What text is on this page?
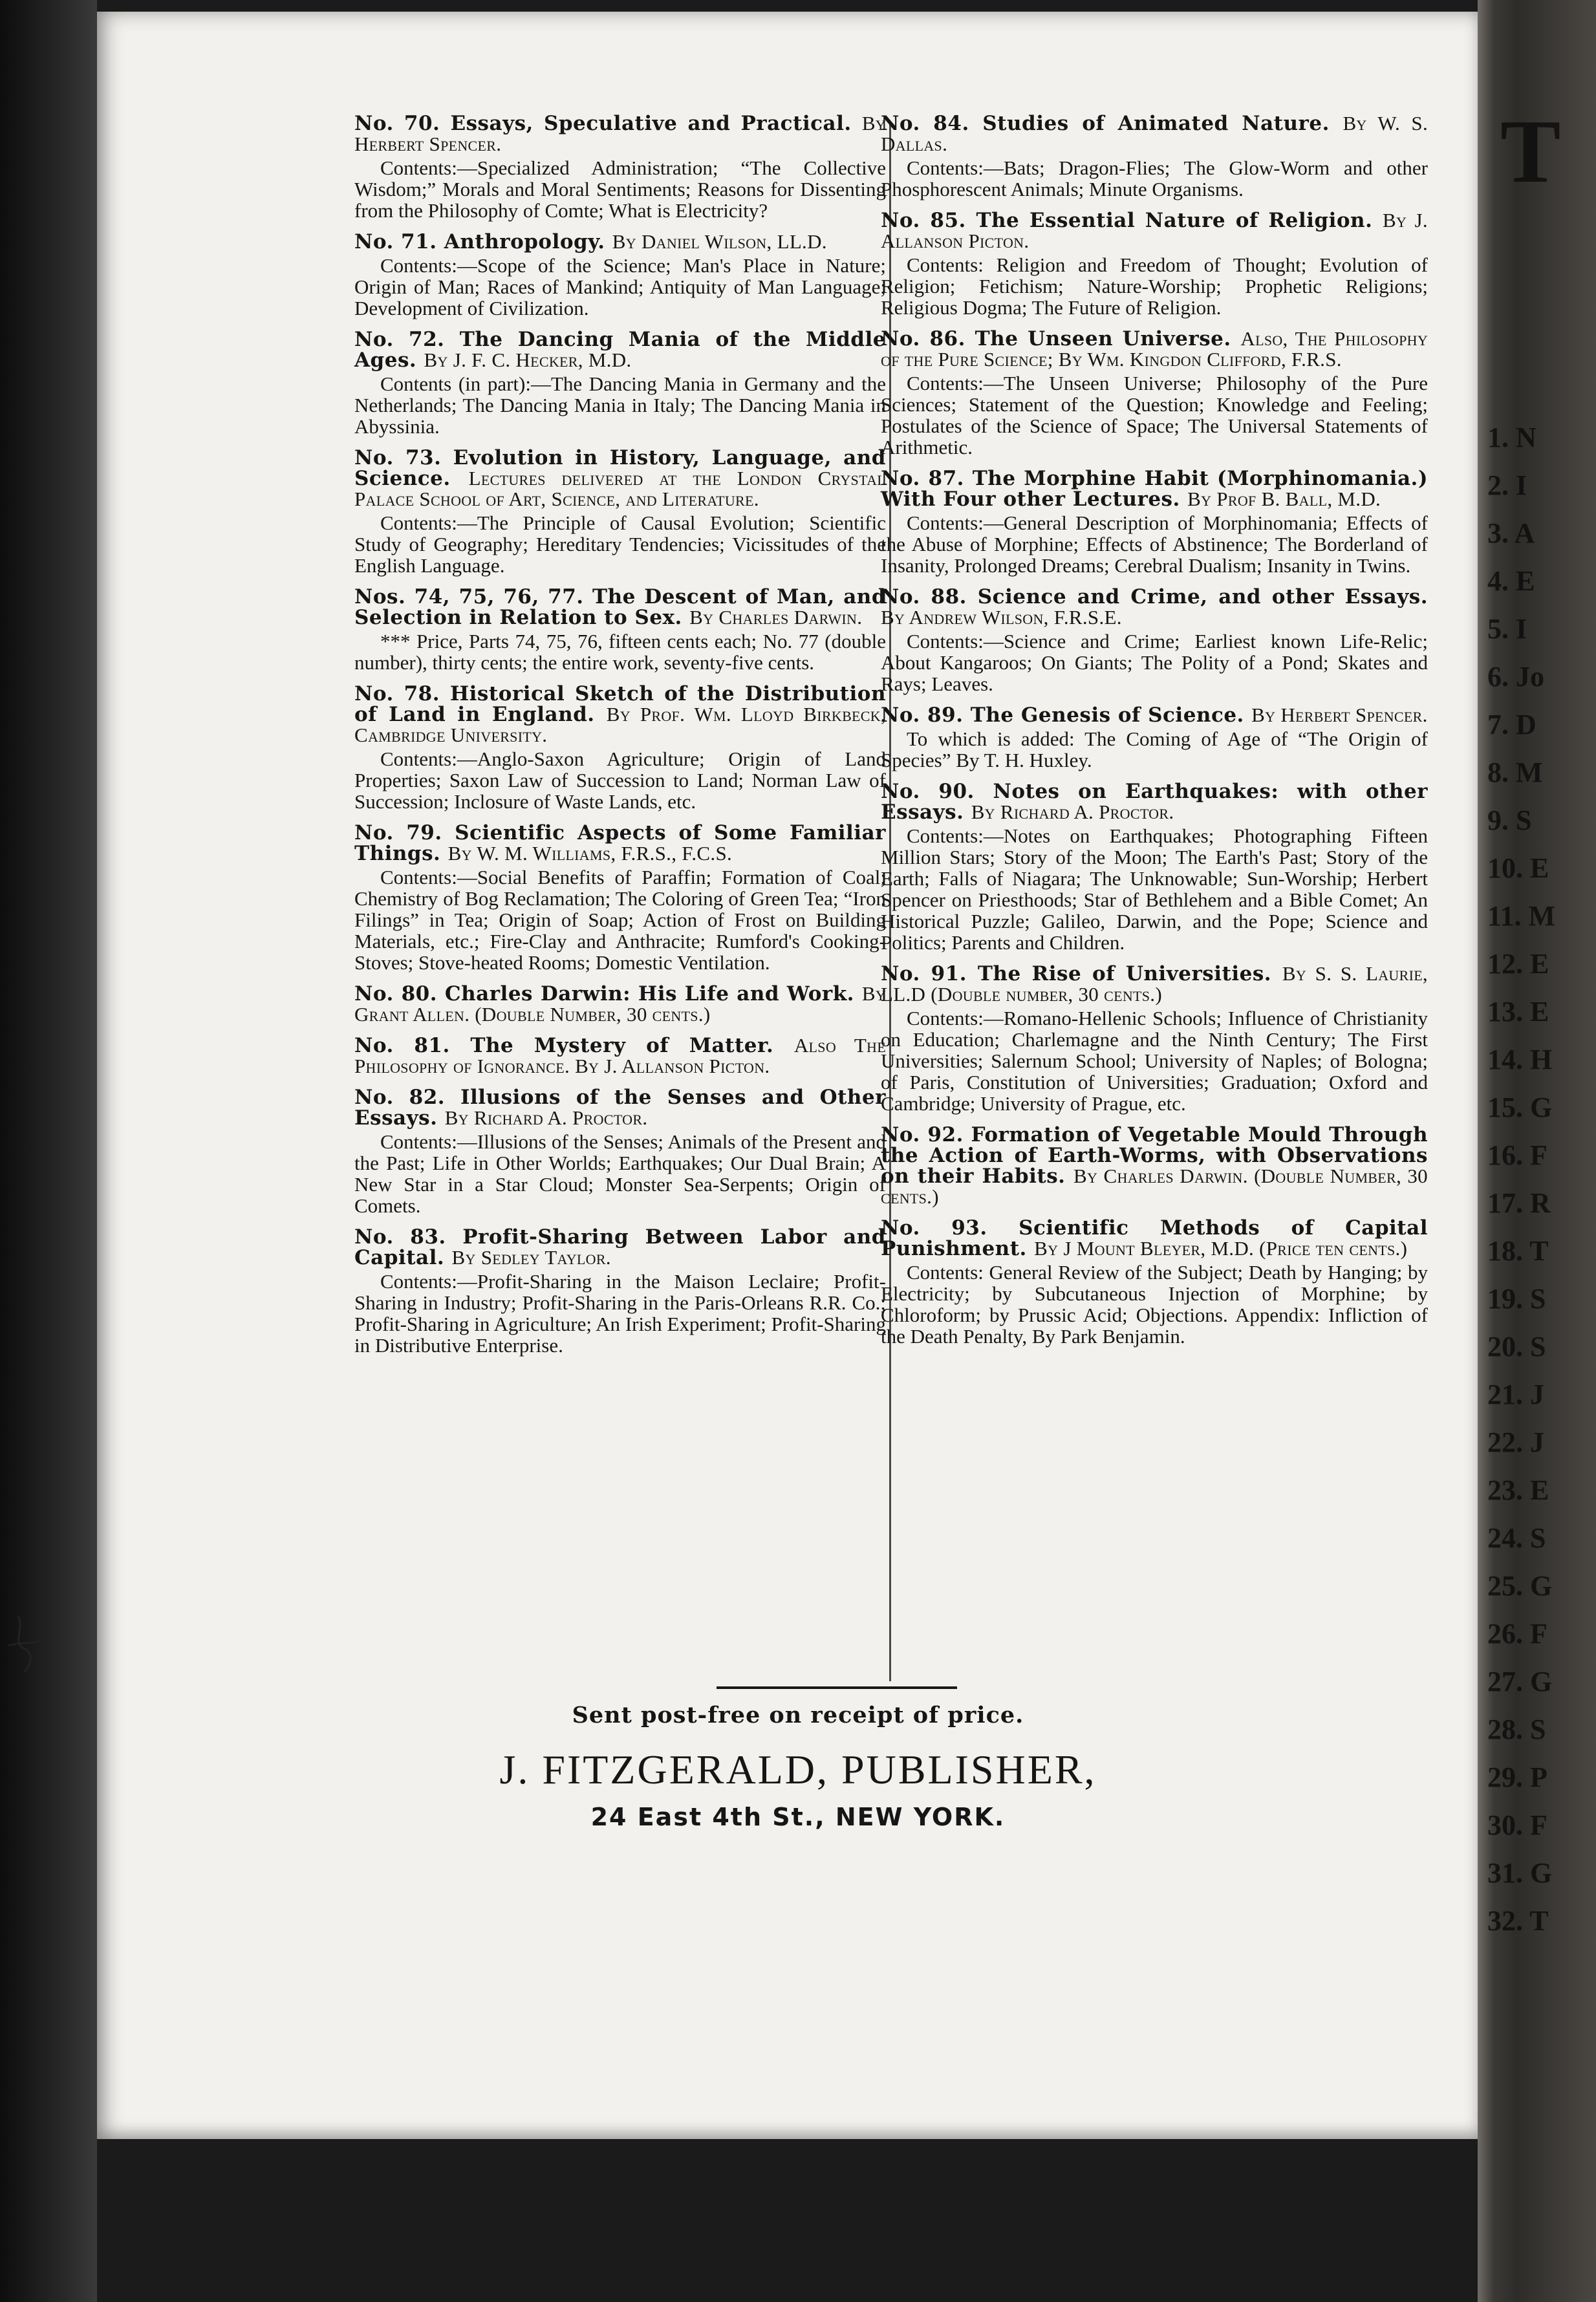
T
1. N
2. I
3. A
4. E
5. I
6. Jo
7. D
8. M
9. S
10. E
11. M
12. E
13. E
14. H
15. G
16. F
17. R
18. T
19. S
20. S
21. J
22. J
23. E
24. S
25. G
26. F
27. G
28. S
29. P
30. F
31. G
32. T
No. 70. Essays, Speculative and Practical. By Herbert Spencer.
Contents:—Specialized Administration; “The Collective Wisdom;” Morals and Moral Sentiments; Reasons for Dissenting from the Philosophy of Comte; What is Electricity?
No. 71. Anthropology. By Daniel Wilson, LL.D.
Contents:—Scope of the Science; Man's Place in Nature; Origin of Man; Races of Mankind; Antiquity of Man Language; Development of Civilization.
No. 72. The Dancing Mania of the Middle Ages. By J. F. C. Hecker, M.D.
Contents (in part):—The Dancing Mania in Germany and the Netherlands; The Dancing Mania in Italy; The Dancing Mania in Abyssinia.
No. 73. Evolution in History, Language, and Science. Lectures delivered at the London Crystal Palace School of Art, Science, and Literature.
Contents:—The Principle of Causal Evolution; Scientific Study of Geography; Hereditary Tendencies; Vicissitudes of the English Language.
Nos. 74, 75, 76, 77. The Descent of Man, and Selection in Relation to Sex. By Charles Darwin.
*** Price, Parts 74, 75, 76, fifteen cents each; No. 77 (double number), thirty cents; the entire work, seventy-five cents.
No. 78. Historical Sketch of the Distribution of Land in England. By Prof. Wm. Lloyd Birkbeck, Cambridge University.
Contents:—Anglo-Saxon Agriculture; Origin of Land Properties; Saxon Law of Succession to Land; Norman Law of Succession; Inclosure of Waste Lands, etc.
No. 79. Scientific Aspects of Some Familiar Things. By W. M. Williams, F.R.S., F.C.S.
Contents:—Social Benefits of Paraffin; Formation of Coal; Chemistry of Bog Reclamation; The Coloring of Green Tea; “Iron Filings” in Tea; Origin of Soap; Action of Frost on Building Materials, etc.; Fire-Clay and Anthracite; Rumford's Cooking-Stoves; Stove-heated Rooms; Domestic Ventilation.
No. 80. Charles Darwin: His Life and Work. By Grant Allen. (Double Number, 30 cents.)
No. 81. The Mystery of Matter. Also The Philosophy of Ignorance. By J. Allanson Picton.
No. 82. Illusions of the Senses and Other Essays. By Richard A. Proctor.
Contents:—Illusions of the Senses; Animals of the Present and the Past; Life in Other Worlds; Earthquakes; Our Dual Brain; A New Star in a Star Cloud; Monster Sea-Serpents; Origin of Comets.
No. 83. Profit-Sharing Between Labor and Capital. By Sedley Taylor.
Contents:—Profit-Sharing in the Maison Leclaire; Profit-Sharing in Industry; Profit-Sharing in the Paris-Orleans R.R. Co.; Profit-Sharing in Agriculture; An Irish Experiment; Profit-Sharing in Distributive Enterprise.
No. 84. Studies of Animated Nature. By W. S. Dallas.
Contents:—Bats; Dragon-Flies; The Glow-Worm and other Phosphorescent Animals; Minute Organisms.
No. 85. The Essential Nature of Religion. By J. Allanson Picton.
Contents: Religion and Freedom of Thought; Evolution of Religion; Fetichism; Nature-Worship; Prophetic Religions; Religious Dogma; The Future of Religion.
No. 86. The Unseen Universe. Also, The Philosophy of the Pure Science; By Wm. Kingdon Clifford, F.R.S.
Contents:—The Unseen Universe; Philosophy of the Pure Sciences; Statement of the Question; Knowledge and Feeling; Postulates of the Science of Space; The Universal Statements of Arithmetic.
No. 87. The Morphine Habit (Morphinomania.) With Four other Lectures. By Prof B. Ball, M.D.
Contents:—General Description of Morphinomania; Effects of the Abuse of Morphine; Effects of Abstinence; The Borderland of Insanity, Prolonged Dreams; Cerebral Dualism; Insanity in Twins.
No. 88. Science and Crime, and other Essays. By Andrew Wilson, F.R.S.E.
Contents:—Science and Crime; Earliest known Life-Relic; About Kangaroos; On Giants; The Polity of a Pond; Skates and Rays; Leaves.
No. 89. The Genesis of Science. By Herbert Spencer.
To which is added: The Coming of Age of “The Origin of Species” By T. H. Huxley.
No. 90. Notes on Earthquakes: with other Essays. By Richard A. Proctor.
Contents:—Notes on Earthquakes; Photographing Fifteen Million Stars; Story of the Moon; The Earth's Past; Story of the Earth; Falls of Niagara; The Unknowable; Sun-Worship; Herbert Spencer on Priesthoods; Star of Bethlehem and a Bible Comet; An Historical Puzzle; Galileo, Darwin, and the Pope; Science and Politics; Parents and Children.
No. 91. The Rise of Universities. By S. S. Laurie, LL.D (Double number, 30 cents.)
Contents:—Romano-Hellenic Schools; Influence of Christianity on Education; Charlemagne and the Ninth Century; The First Universities; Salernum School; University of Naples; of Bologna; of Paris, Constitution of Universities; Graduation; Oxford and Cambridge; University of Prague, etc.
No. 92. Formation of Vegetable Mould Through the Action of Earth-Worms, with Observations on their Habits. By Charles Darwin. (Double Number, 30 cents.)
No. 93. Scientific Methods of Capital Punishment. By J Mount Bleyer, M.D. (Price ten cents.)
Contents: General Review of the Subject; Death by Hanging; by Electricity; by Subcutaneous Injection of Morphine; by Chloroform; by Prussic Acid; Objections. Appendix: Infliction of the Death Penalty, By Park Benjamin.
Sent post-free on receipt of price.
J. FITZGERALD, PUBLISHER,
24 East 4th St., NEW YORK.
